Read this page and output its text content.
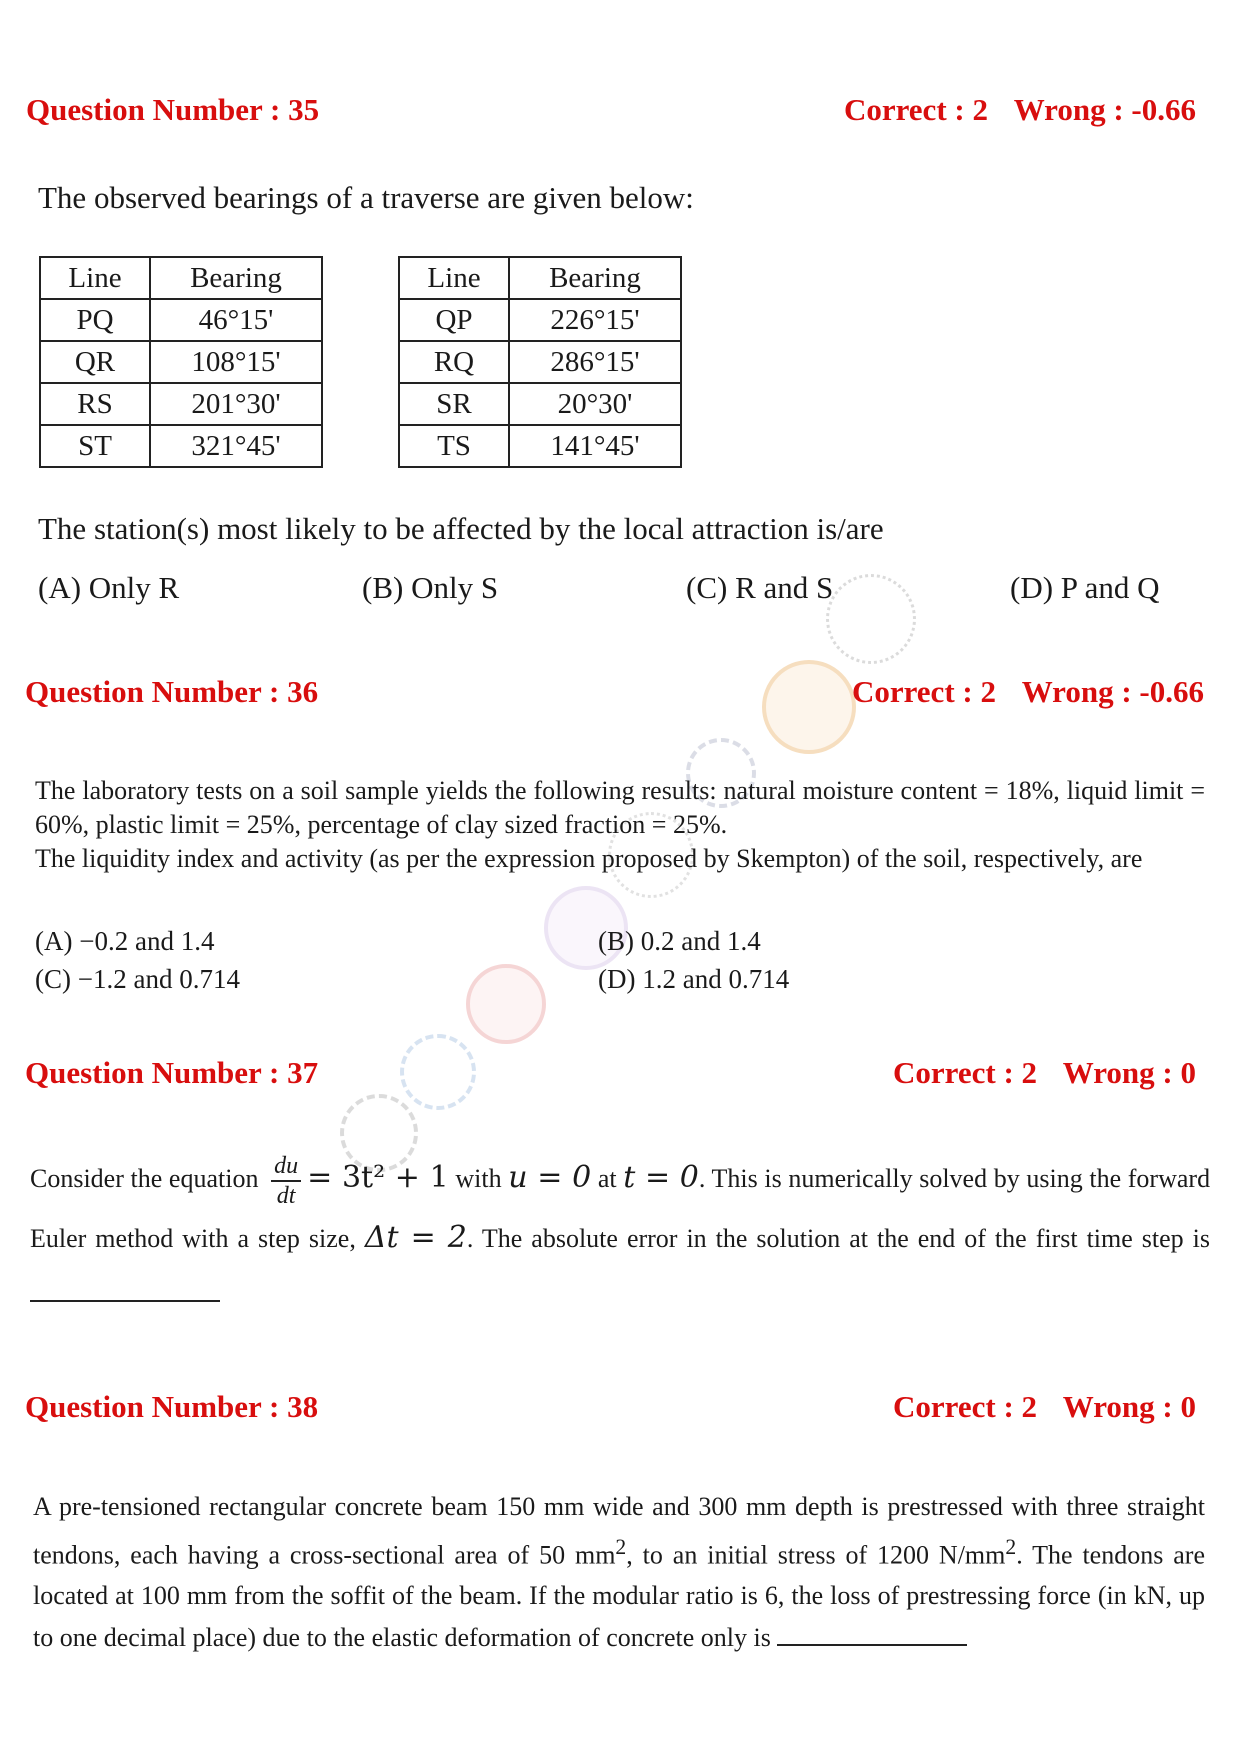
Question Number : 35	Correct : 2 Wrong : -0.66
The observed bearings of a traverse are given below:
Line	Bearing
PQ	46°15'
QR	108°15'
RS	201°30'
ST	321°45'
Line	Bearing
QP	226°15'
RQ	286°15'
SR	20°30'
TS	141°45'
The station(s) most likely to be affected by the local attraction is/are
(A) Only R	(B) Only S	(C) R and S	(D) P and Q
Question Number : 36	Correct : 2 Wrong : -0.66
The laboratory tests on a soil sample yields the following results: natural moisture content = 18%, liquid limit = 60%, plastic limit = 25%, percentage of clay sized fraction = 25%.
The liquidity index and activity (as per the expression proposed by Skempton) of the soil, respectively, are
(A) −0.2 and 1.4	(B) 0.2 and 1.4
(C) −1.2 and 0.714	(D) 1.2 and 0.714
Question Number : 37	Correct : 2 Wrong : 0
Consider the equation $\frac{du}{dt} = 3t^2 + 1$ with u = 0 at t = 0. This is numerically solved by using the forward Euler method with a step size, Δt = 2. The absolute error in the solution at the end of the first time step is
Question Number : 38	Correct : 2 Wrong : 0
A pre-tensioned rectangular concrete beam 150 mm wide and 300 mm depth is prestressed with three straight tendons, each having a cross-sectional area of 50 $mm^2$, to an initial stress of 1200 $N/mm^2$. The tendons are located at 100 mm from the soffit of the beam. If the modular ratio is 6, the loss of prestressing force (in kN, up to one decimal place) due to the elastic deformation of concrete only is
